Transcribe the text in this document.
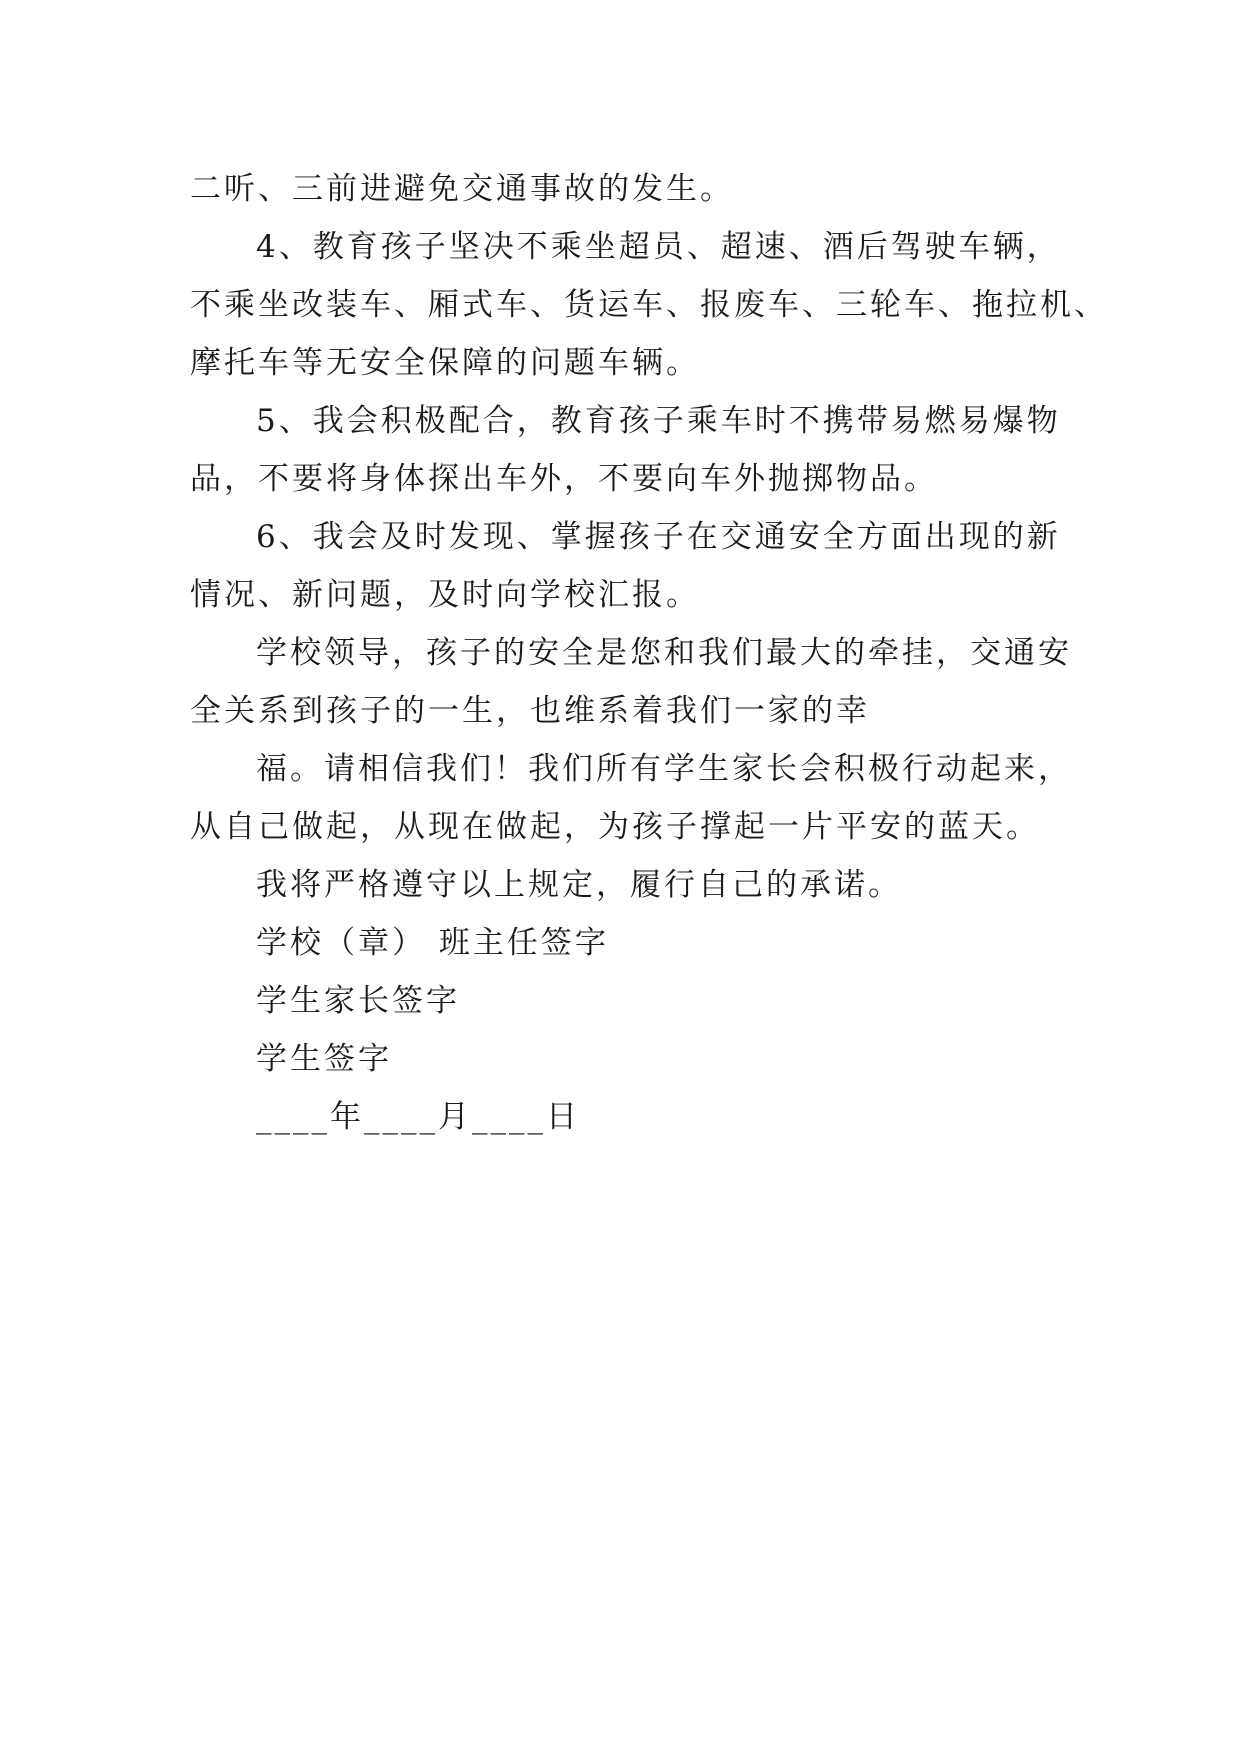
二听、三前进避免交通事故的发生。
4、教育孩子坚决不乘坐超员、超速、酒后驾驶车辆，
不乘坐改装车、厢式车、货运车、报废车、三轮车、拖拉机、
摩托车等无安全保障的问题车辆。
5、我会积极配合，教育孩子乘车时不携带易燃易爆物
品，不要将身体探出车外，不要向车外抛掷物品。
6、我会及时发现、掌握孩子在交通安全方面出现的新
情况、新问题，及时向学校汇报。
学校领导，孩子的安全是您和我们最大的牵挂，交通安
全关系到孩子的一生，也维系着我们一家的幸
福。请相信我们！我们所有学生家长会积极行动起来，
从自己做起，从现在做起，为孩子撑起一片平安的蓝天。
我将严格遵守以上规定，履行自己的承诺。
学校（章） 班主任签字
学生家长签字
学生签字
____年____月____日
